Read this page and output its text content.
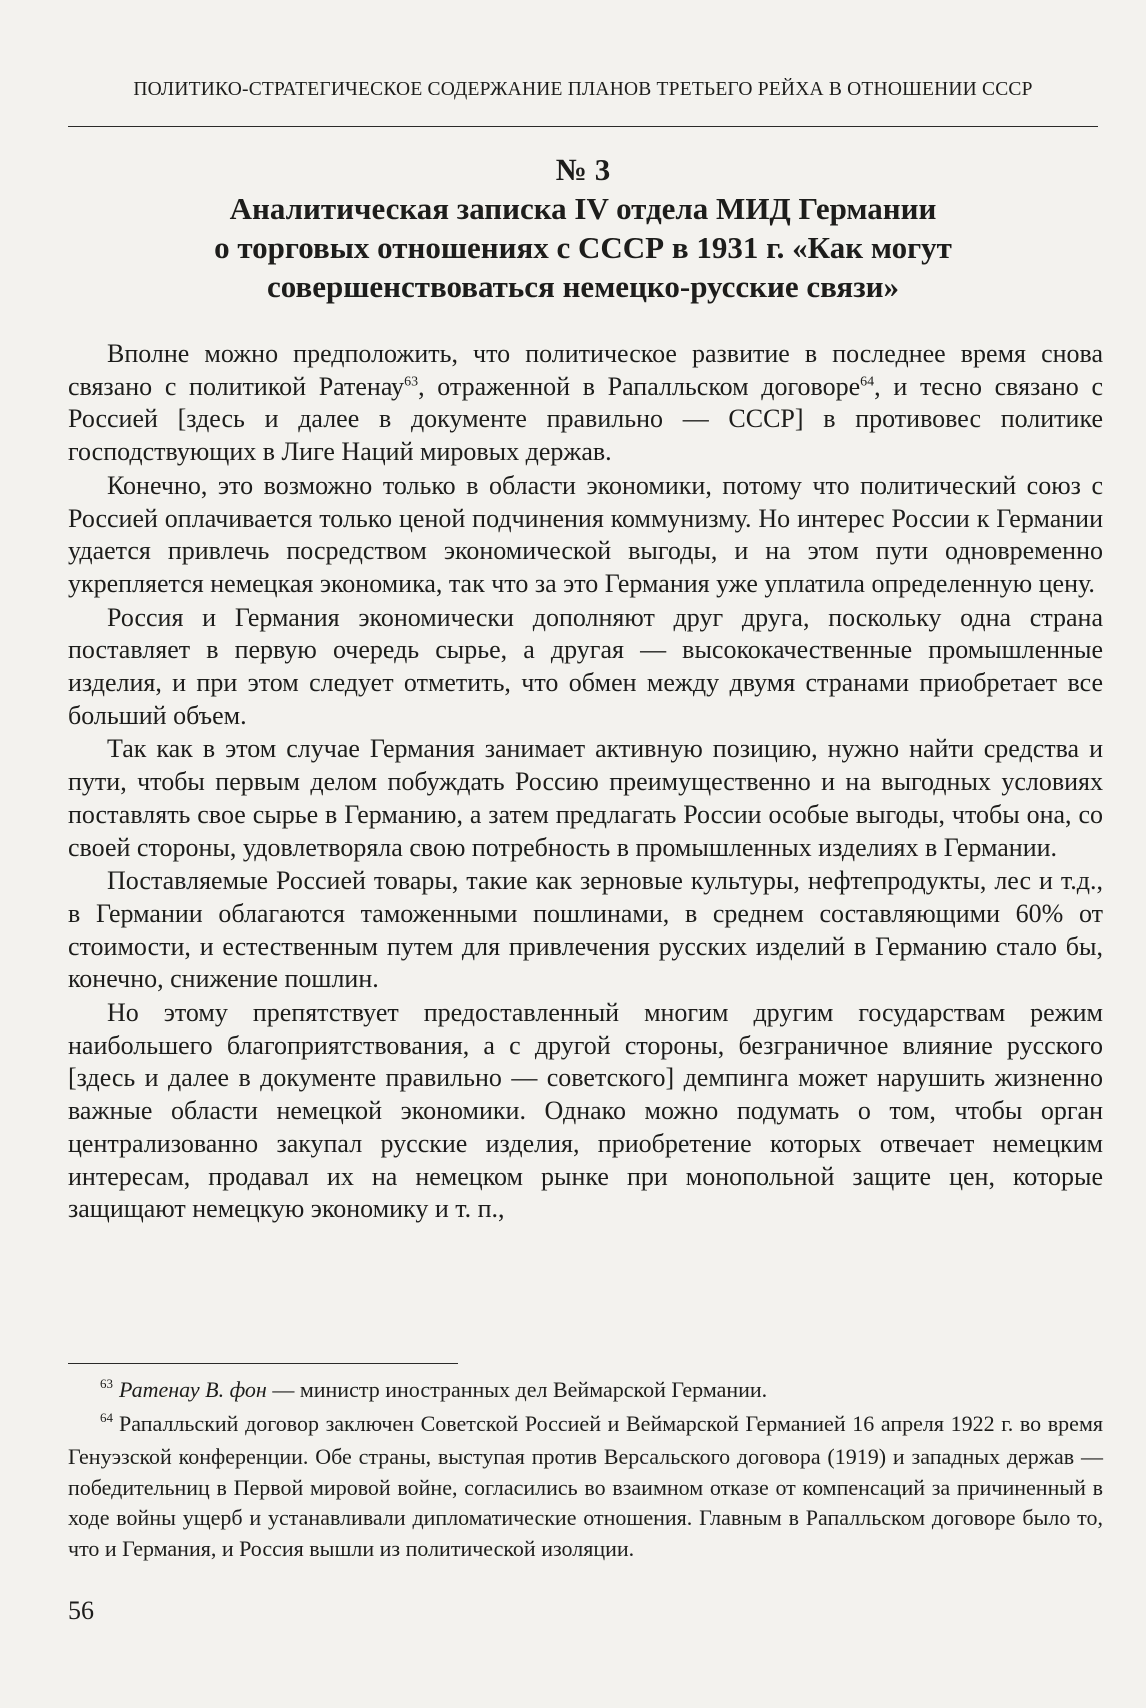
ПОЛИТИКО-СТРАТЕГИЧЕСКОЕ СОДЕРЖАНИЕ ПЛАНОВ ТРЕТЬЕГО РЕЙХА В ОТНОШЕНИИ СССР
№ 3
Аналитическая записка IV отдела МИД Германии
о торговых отношениях с СССР в 1931 г. «Как могут
совершенствоваться немецко-русские связи»

Вполне можно предположить, что политическое развитие в последнее время снова связано с политикой Ратенау$^{63}$, отраженной в Рапалльском договоре$^{64}$, и тесно связано с Россией [здесь и далее в документе правильно — СССР] в противовес политике господствующих в Лиге Наций мировых держав.

Конечно, это возможно только в области экономики, потому что политический союз с Россией оплачивается только ценой подчинения коммунизму. Но интерес России к Германии удается привлечь посредством экономической выгоды, и на этом пути одновременно укрепляется немецкая экономика, так что за это Германия уже уплатила определенную цену.

Россия и Германия экономически дополняют друг друга, поскольку одна страна поставляет в первую очередь сырье, а другая — высококачественные промышленные изделия, и при этом следует отметить, что обмен между двумя странами приобретает все больший объем.

Так как в этом случае Германия занимает активную позицию, нужно найти средства и пути, чтобы первым делом побуждать Россию преимущественно и на выгодных условиях поставлять свое сырье в Германию, а затем предлагать России особые выгоды, чтобы она, со своей стороны, удовлетворяла свою потребность в промышленных изделиях в Германии.

Поставляемые Россией товары, такие как зерновые культуры, нефтепродукты, лес и т.д., в Германии облагаются таможенными пошлинами, в среднем составляющими 60% от стоимости, и естественным путем для привлечения русских изделий в Германию стало бы, конечно, снижение пошлин.

Но этому препятствует предоставленный многим другим государствам режим наибольшего благоприятствования, а с другой стороны, безграничное влияние русского [здесь и далее в документе правильно — советского] демпинга может нарушить жизненно важные области немецкой экономики. Однако можно подумать о том, чтобы орган централизованно закупал русские изделия, приобретение которых отвечает немецким интересам, продавал их на немецком рынке при монопольной защите цен, которые защищают немецкую экономику и т. п.,

$^{63}$ Ратенау В. фон — министр иностранных дел Веймарской Германии.

$^{64}$ Рапалльский договор заключен Советской Россией и Веймарской Германией 16 апреля 1922 г. во время Генуэзской конференции. Обе страны, выступая против Версальского договора (1919) и западных держав — победительниц в Первой мировой войне, согласились во взаимном отказе от компенсаций за причиненный в ходе войны ущерб и устанавливали дипломатические отношения. Главным в Рапалльском договоре было то, что и Германия, и Россия вышли из политической изоляции.

56
